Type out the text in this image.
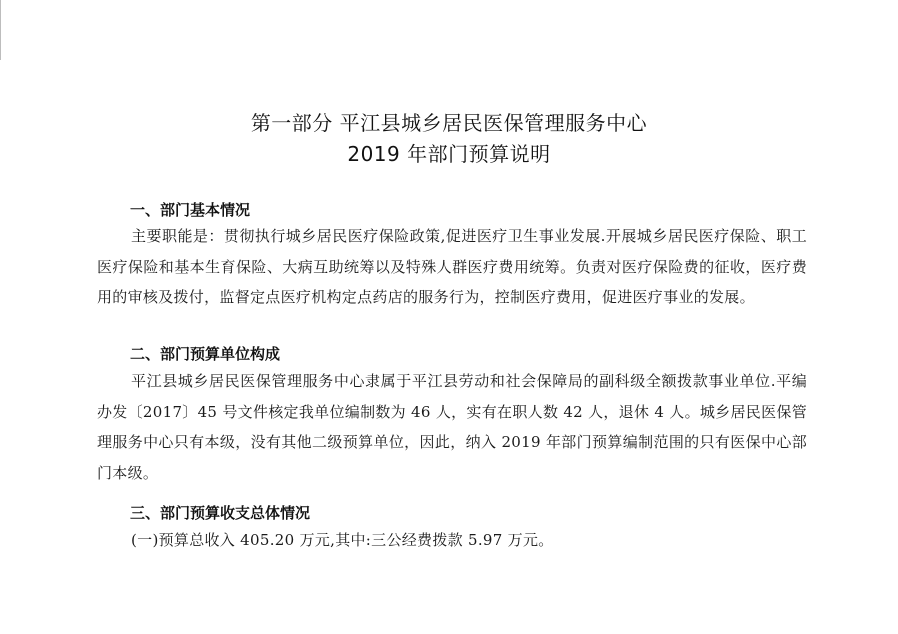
第一部分 平江县城乡居民医保管理服务中心
2019 年部门预算说明
一、部门基本情况

主要职能是：贯彻执行城乡居民医疗保险政策,促进医疗卫生事业发展.开展城乡居民医疗保险、职工医疗保险和基本生育保险、大病互助统筹以及特殊人群医疗费用统筹。负责对医疗保险费的征收，医疗费用的审核及拨付，监督定点医疗机构定点药店的服务行为，控制医疗费用，促进医疗事业的发展。

二、部门预算单位构成

平江县城乡居民医保管理服务中心隶属于平江县劳动和社会保障局的副科级全额拨款事业单位.平编办发〔2017〕45 号文件核定我单位编制数为 46 人，实有在职人数 42 人，退休 4 人。城乡居民医保管理服务中心只有本级，没有其他二级预算单位，因此，纳入 2019 年部门预算编制范围的只有医保中心部门本级。

三、部门预算收支总体情况

(一)预算总收入 405.20 万元,其中:三公经费拨款 5.97 万元。
